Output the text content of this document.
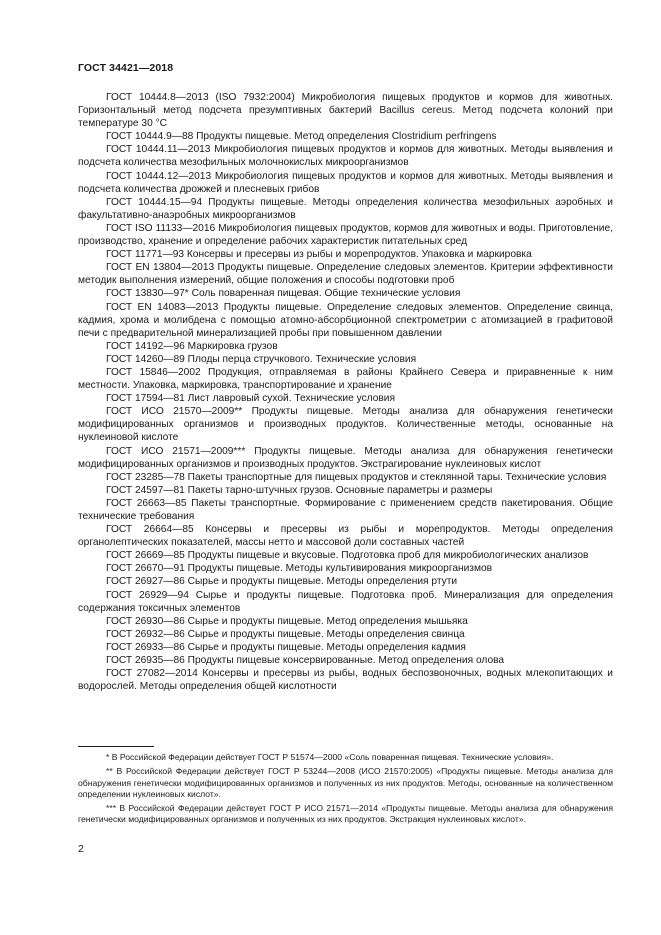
ГОСТ 34421—2018

ГОСТ 10444.8—2013 (ISO 7932:2004) Микробиология пищевых продуктов и кормов для животных. Горизонтальный метод подсчета презумптивных бактерий Bacillus cereus. Метод подсчета колоний при температуре 30 °С

ГОСТ 10444.9—88 Продукты пищевые. Метод определения Clostridium perfringens

ГОСТ 10444.11—2013 Микробиология пищевых продуктов и кормов для животных. Методы выявления и подсчета количества мезофильных молочнокислых микроорганизмов

ГОСТ 10444.12—2013 Микробиология пищевых продуктов и кормов для животных. Методы выявления и подсчета количества дрожжей и плесневых грибов

ГОСТ 10444.15—94 Продукты пищевые. Методы определения количества мезофильных аэробных и факультативно-анаэробных микроорганизмов

ГОСТ ISO 11133—2016 Микробиология пищевых продуктов, кормов для животных и воды. Приготовление, производство, хранение и определение рабочих характеристик питательных сред

ГОСТ 11771—93 Консервы и пресервы из рыбы и морепродуктов. Упаковка и маркировка

ГОСТ EN 13804—2013 Продукты пищевые. Определение следовых элементов. Критерии эффективности методик выполнения измерений, общие положения и способы подготовки проб

ГОСТ 13830—97* Соль поваренная пищевая. Общие технические условия

ГОСТ EN 14083—2013 Продукты пищевые. Определение следовых элементов. Определение свинца, кадмия, хрома и молибдена с помощью атомно-абсорбционной спектрометрии с атомизацией в графитовой печи с предварительной минерализацией пробы при повышенном давлении

ГОСТ 14192—96 Маркировка грузов

ГОСТ 14260—89 Плоды перца стручкового. Технические условия

ГОСТ 15846—2002 Продукция, отправляемая в районы Крайнего Севера и приравненные к ним местности. Упаковка, маркировка, транспортирование и хранение

ГОСТ 17594—81 Лист лавровый сухой. Технические условия

ГОСТ ИСО 21570—2009** Продукты пищевые. Методы анализа для обнаружения генетически модифицированных организмов и производных продуктов. Количественные методы, основанные на нуклеиновой кислоте

ГОСТ ИСО 21571—2009*** Продукты пищевые. Методы анализа для обнаружения генетически модифицированных организмов и производных продуктов. Экстрагирование нуклеиновых кислот

ГОСТ 23285—78 Пакеты транспортные для пищевых продуктов и стеклянной тары. Технические условия

ГОСТ 24597—81 Пакеты тарно-штучных грузов. Основные параметры и размеры

ГОСТ 26663—85 Пакеты транспортные. Формирование с применением средств пакетирования. Общие технические требования

ГОСТ 26664—85 Консервы и пресервы из рыбы и морепродуктов. Методы определения органолептических показателей, массы нетто и массовой доли составных частей

ГОСТ 26669—85 Продукты пищевые и вкусовые. Подготовка проб для микробиологических анализов

ГОСТ 26670—91 Продукты пищевые. Методы культивирования микроорганизмов

ГОСТ 26927—86 Сырье и продукты пищевые. Методы определения ртути

ГОСТ 26929—94 Сырье и продукты пищевые. Подготовка проб. Минерализация для определения содержания токсичных элементов

ГОСТ 26930—86 Сырье и продукты пищевые. Метод определения мышьяка

ГОСТ 26932—86 Сырье и продукты пищевые. Методы определения свинца

ГОСТ 26933—86 Сырье и продукты пищевые. Методы определения кадмия

ГОСТ 26935—86 Продукты пищевые консервированные. Метод определения олова

ГОСТ 27082—2014 Консервы и пресервы из рыбы, водных беспозвоночных, водных млекопитающих и водорослей. Методы определения общей кислотности

* В Российской Федерации действует ГОСТ Р 51574—2000 «Соль поваренная пищевая. Технические условия».

** В Российской Федерации действует ГОСТ Р 53244—2008 (ИСО 21570:2005) «Продукты пищевые. Методы анализа для обнаружения генетически модифицированных организмов и полученных из них продуктов. Методы, основанные на количественном определении нуклеиновых кислот».

*** В Российской Федерации действует ГОСТ Р ИСО 21571—2014 «Продукты пищевые. Методы анализа для обнаружения генетически модифицированных организмов и полученных из них продуктов. Экстракция нуклеиновых кислот».

2
